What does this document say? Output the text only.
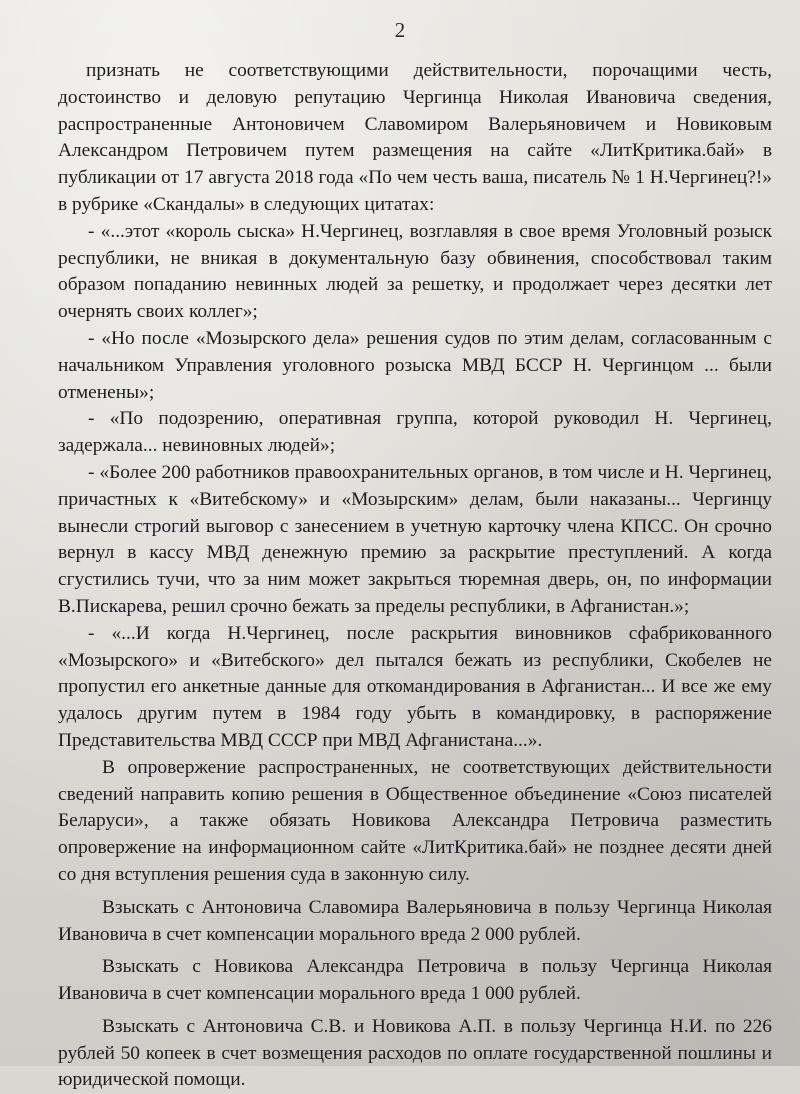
2

признать не соответствующими действительности, порочащими честь, достоинство и деловую репутацию Чергинца Николая Ивановича сведения, распространенные Антоновичем Славомиром Валерьяновичем и Новиковым Александром Петровичем путем размещения на сайте «ЛитКритика.бай» в публикации от 17 августа 2018 года «По чем честь ваша, писатель № 1 Н.Чергинец?!» в рубрике «Скандалы» в следующих цитатах:

- «...этот «король сыска» Н.Чергинец, возглавляя в свое время Уголовный розыск республики, не вникая в документальную базу обвинения, способствовал таким образом попаданию невинных людей за решетку, и продолжает через десятки лет очернять своих коллег»;

- «Но после «Мозырского дела» решения судов по этим делам, согласованным с начальником Управления уголовного розыска МВД БССР Н. Чергинцом ... были отменены»;

- «По подозрению, оперативная группа, которой руководил Н. Чергинец, задержала... невиновных людей»;

- «Более 200 работников правоохранительных органов, в том числе и Н. Чергинец, причастных к «Витебскому» и «Мозырским» делам, были наказаны... Чергинцу вынесли строгий выговор с занесением в учетную карточку члена КПСС. Он срочно вернул в кассу МВД денежную премию за раскрытие преступлений. А когда сгустились тучи, что за ним может закрыться тюремная дверь, он, по информации В.Пискарева, решил срочно бежать за пределы республики, в Афганистан.»;

- «...И когда Н.Чергинец, после раскрытия виновников сфабрикованного «Мозырского» и «Витебского» дел пытался бежать из республики, Скобелев не пропустил его анкетные данные для откомандирования в Афганистан... И все же ему удалось другим путем в 1984 году убыть в командировку, в распоряжение Представительства МВД СССР при МВД Афганистана...».

В опровержение распространенных, не соответствующих действительности сведений направить копию решения в Общественное объединение «Союз писателей Беларуси», а также обязать Новикова Александра Петровича разместить опровержение на информационном сайте «ЛитКритика.бай» не позднее десяти дней со дня вступления решения суда в законную силу.

Взыскать с Антоновича Славомира Валерьяновича в пользу Чергинца Николая Ивановича в счет компенсации морального вреда 2 000 рублей.

Взыскать с Новикова Александра Петровича в пользу Чергинца Николая Ивановича в счет компенсации морального вреда 1 000 рублей.

Взыскать с Антоновича С.В. и Новикова А.П. в пользу Чергинца Н.И. по 226 рублей 50 копеек в счет возмещения расходов по оплате государственной пошлины и юридической помощи.
